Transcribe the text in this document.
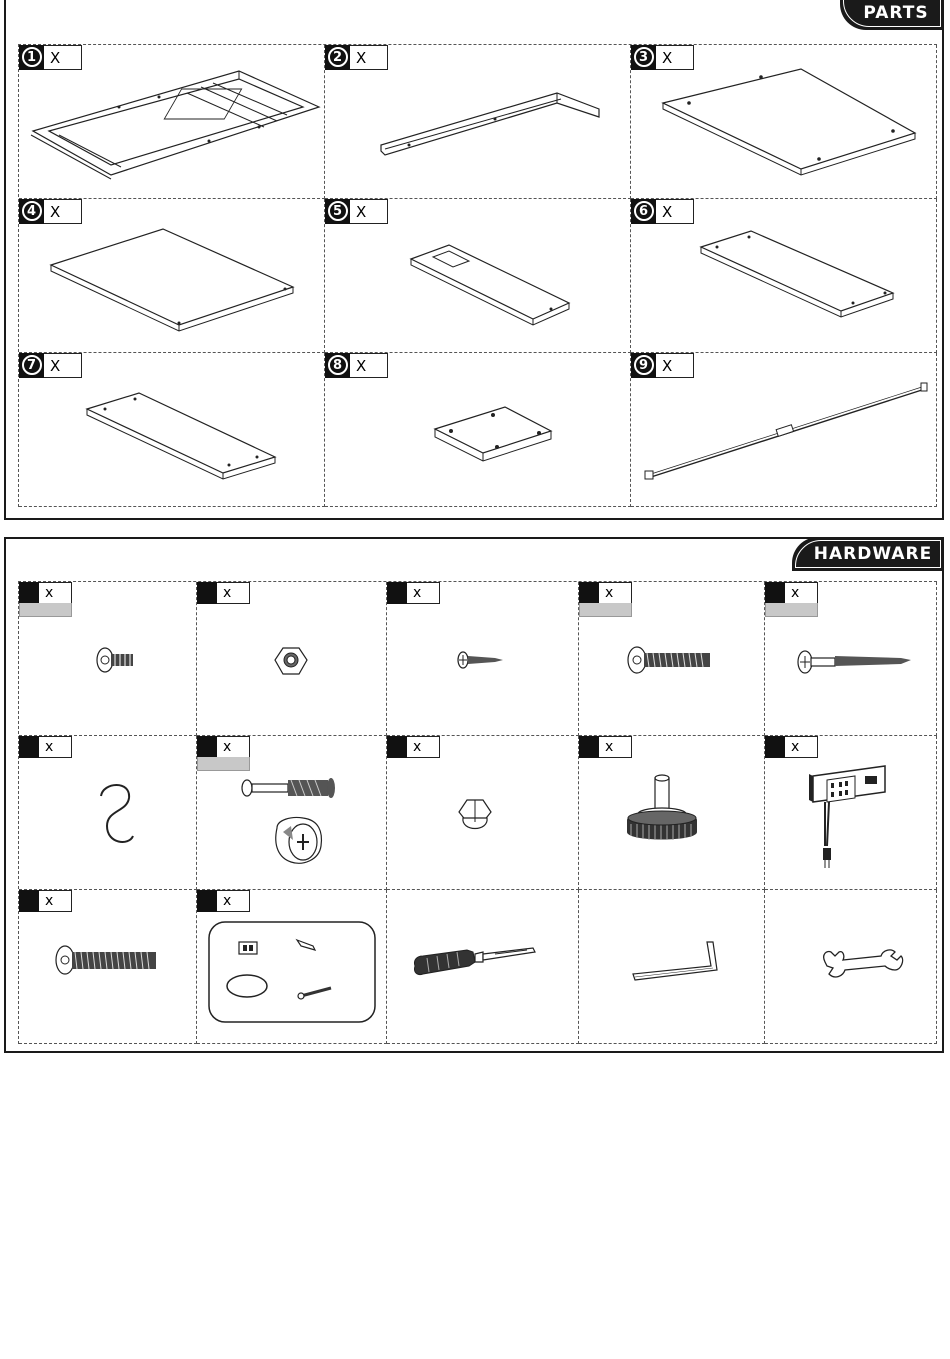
PARTS
1 X	2 X	3 X
4 X	5 X	6 X
7 X	8 X	9 X
HARDWARE
x	x	x	x	x
x	x	x	x	x
x	x
